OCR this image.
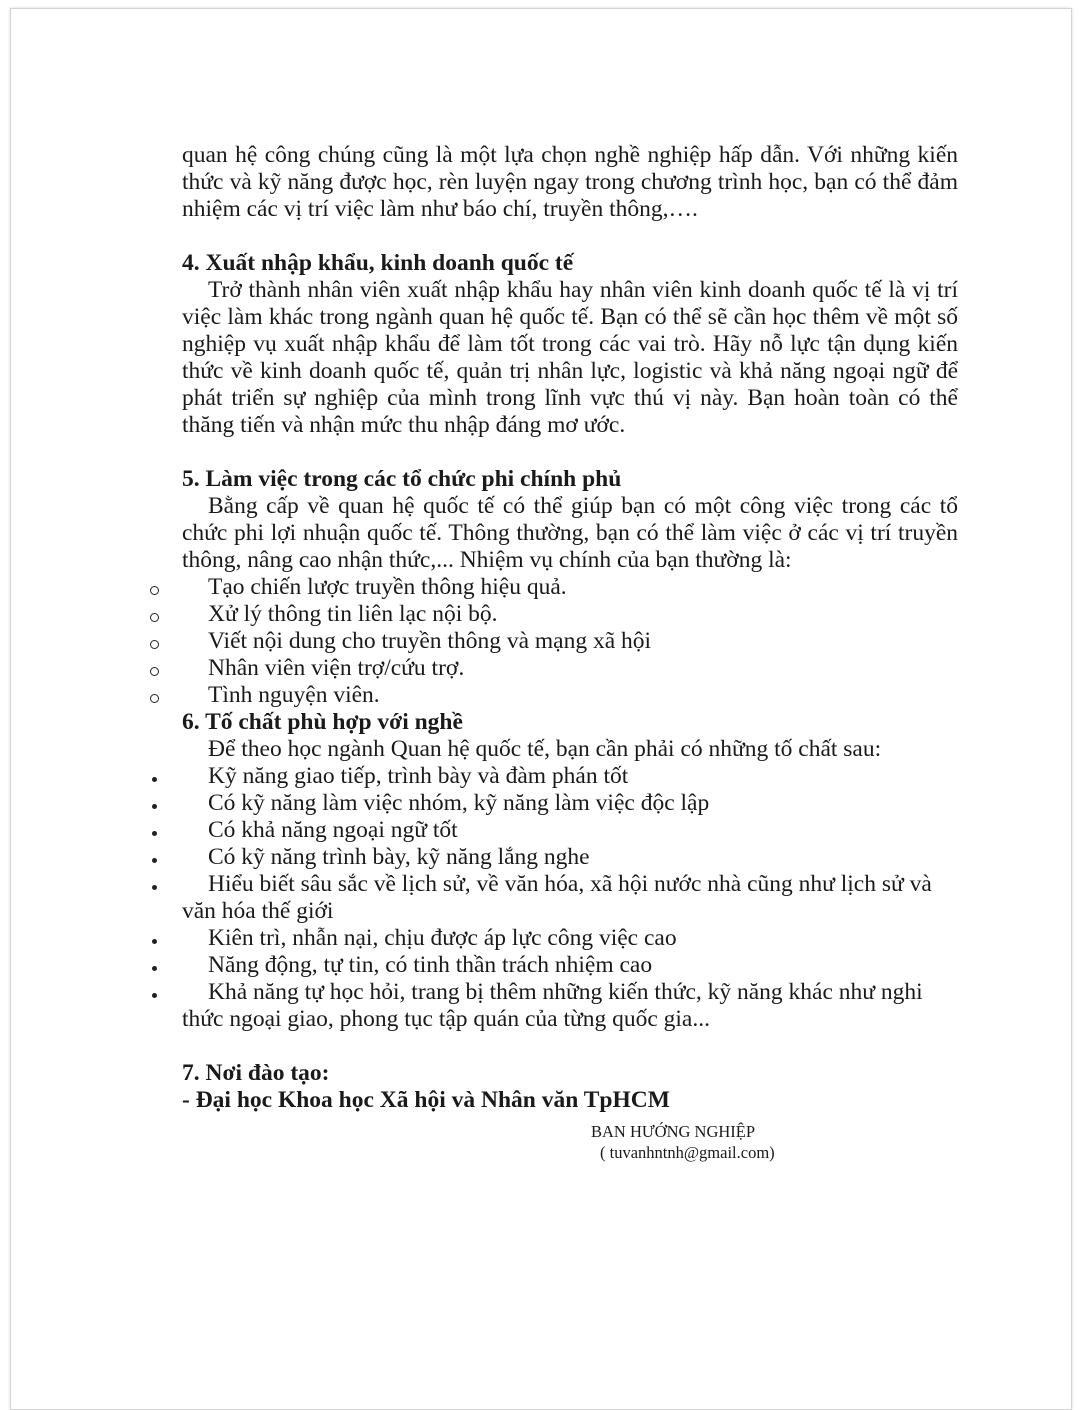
quan hệ công chúng cũng là một lựa chọn nghề nghiệp hấp dẫn. Với những kiến thức và kỹ năng được học, rèn luyện ngay trong chương trình học, bạn có thể đảm nhiệm các vị trí việc làm như báo chí, truyền thông,….

4. Xuất nhập khẩu, kinh doanh quốc tế

Trở thành nhân viên xuất nhập khẩu hay nhân viên kinh doanh quốc tế là vị trí việc làm khác trong ngành quan hệ quốc tế. Bạn có thể sẽ cần học thêm về một số nghiệp vụ xuất nhập khẩu để làm tốt trong các vai trò. Hãy nỗ lực tận dụng kiến thức về kinh doanh quốc tế, quản trị nhân lực, logistic và khả năng ngoại ngữ để phát triển sự nghiệp của mình trong lĩnh vực thú vị này. Bạn hoàn toàn có thể thăng tiến và nhận mức thu nhập đáng mơ ước.

5. Làm việc trong các tổ chức phi chính phủ

Bằng cấp về quan hệ quốc tế có thể giúp bạn có một công việc trong các tổ chức phi lợi nhuận quốc tế. Thông thường, bạn có thể làm việc ở các vị trí truyền thông, nâng cao nhận thức,... Nhiệm vụ chính của bạn thường là:

Tạo chiến lược truyền thông hiệu quả.
Xử lý thông tin liên lạc nội bộ.
Viết nội dung cho truyền thông và mạng xã hội
Nhân viên viện trợ/cứu trợ.
Tình nguyện viên.
6. Tố chất phù hợp với nghề

Để theo học ngành Quan hệ quốc tế, bạn cần phải có những tố chất sau:

Kỹ năng giao tiếp, trình bày và đàm phán tốt
Có kỹ năng làm việc nhóm, kỹ năng làm việc độc lập
Có khả năng ngoại ngữ tốt
Có kỹ năng trình bày, kỹ năng lắng nghe
Hiểu biết sâu sắc về lịch sử, về văn hóa, xã hội nước nhà cũng như lịch sử và văn hóa thế giới
Kiên trì, nhẫn nại, chịu được áp lực công việc cao
Năng động, tự tin, có tinh thần trách nhiệm cao
Khả năng tự học hỏi, trang bị thêm những kiến thức, kỹ năng khác như nghi thức ngoại giao, phong tục tập quán của từng quốc gia...
7. Nơi đào tạo:
- Đại học Khoa học Xã hội và Nhân văn TpHCM
BAN HƯỚNG NGHIỆP
( tuvanhntnh@gmail.com)
